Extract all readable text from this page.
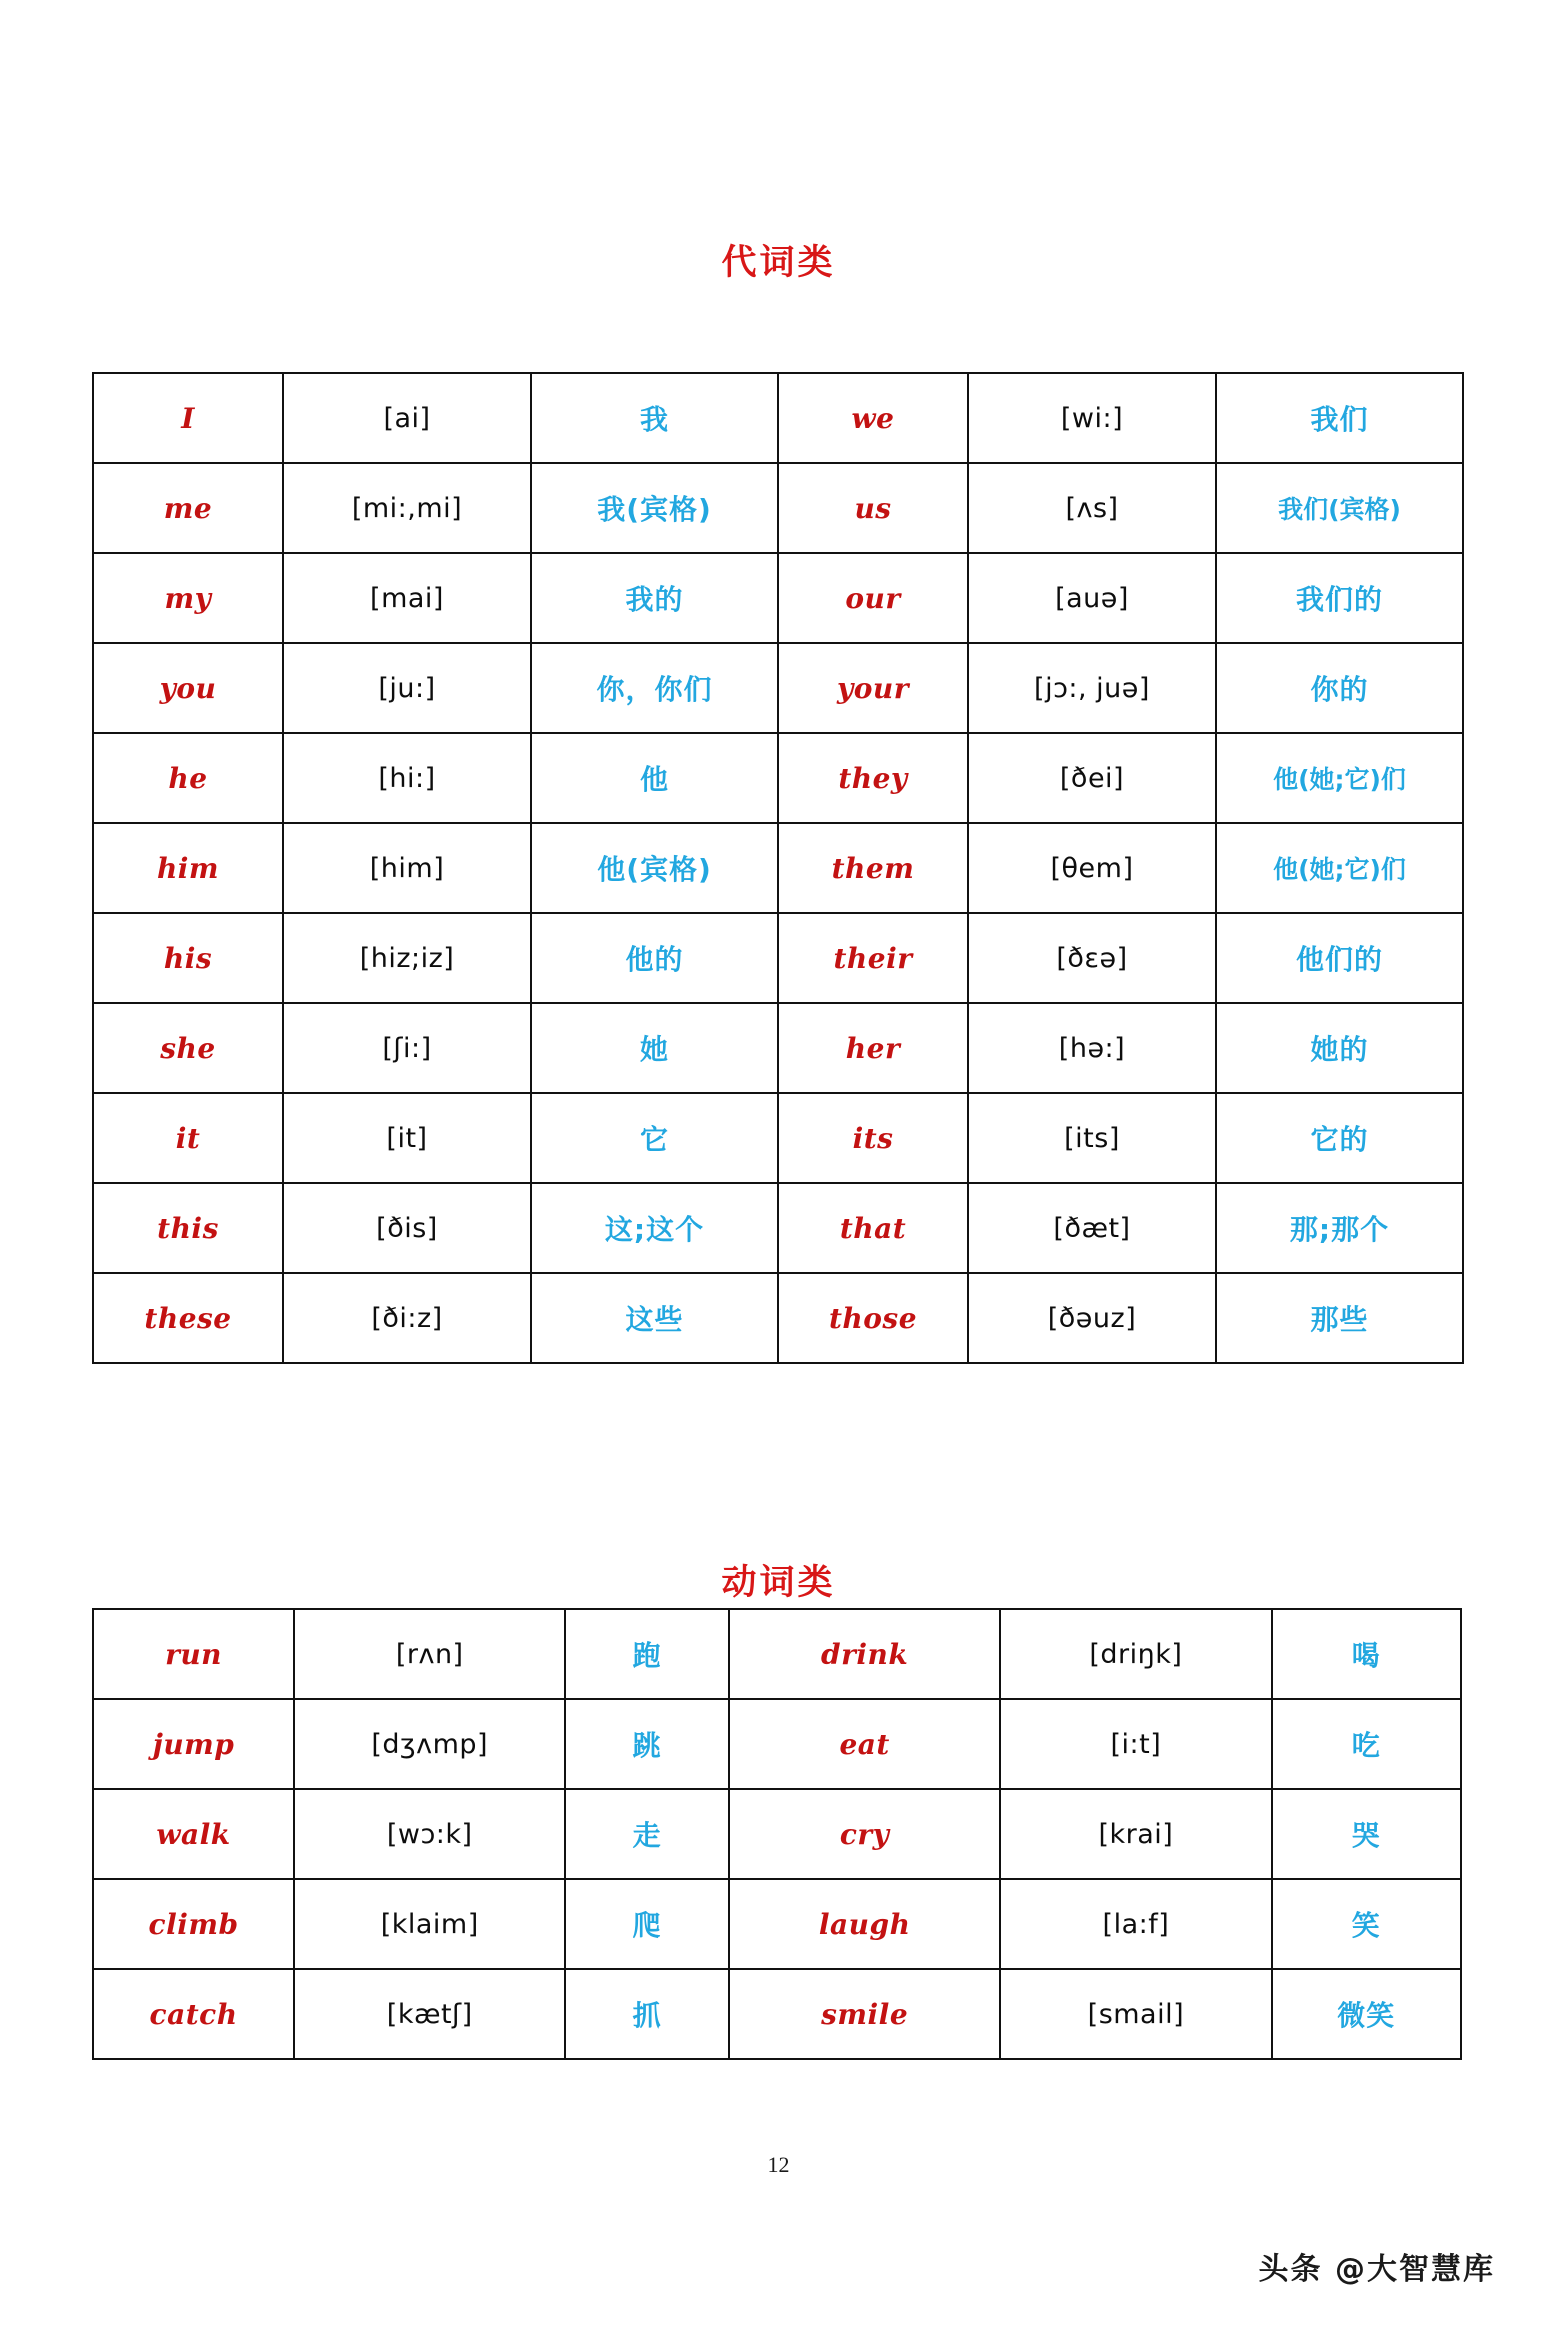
代词类
I	[ai]	我	we	[wi:]	我们
me	[mi:,mi]	我(宾格)	us	[ʌs]	我们(宾格)
my	[mai]	我的	our	[auə]	我们的
you	[ju:]	你，你们	your	[jɔ:, juə]	你的
he	[hi:]	他	they	[ðei]	他(她;它)们
him	[him]	他(宾格)	them	[θem]	他(她;它)们
his	[hiz;iz]	他的	their	[ðɛə]	他们的
she	[ʃi:]	她	her	[hə:]	她的
it	[it]	它	its	[its]	它的
this	[ðis]	这;这个	that	[ðæt]	那;那个
these	[ði:z]	这些	those	[ðəuz]	那些
动词类
run	[rʌn]	跑	drink	[driŋk]	喝
jump	[dʒʌmp]	跳	eat	[i:t]	吃
walk	[wɔ:k]	走	cry	[krai]	哭
climb	[klaim]	爬	laugh	[la:f]	笑
catch	[kætʃ]	抓	smile	[smail]	微笑
12
头条 @大智慧库
